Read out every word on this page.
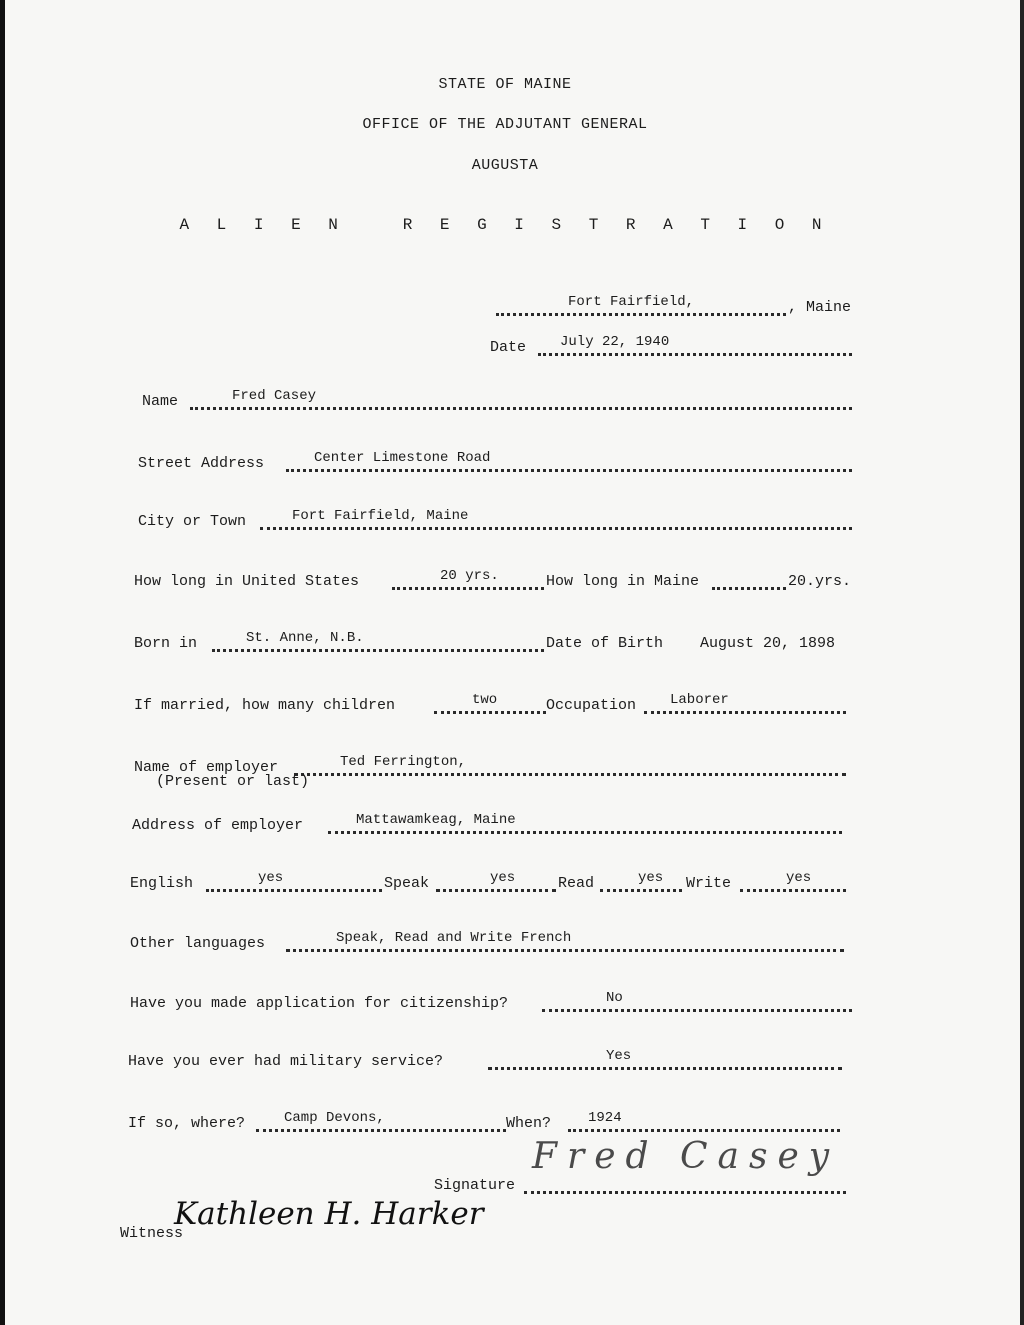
STATE OF MAINE
OFFICE OF THE ADJUTANT GENERAL
AUGUSTA
A L I E N   R E G I S T R A T I O N
Fort Fairfield,	, Maine
Date July 22, 1940
Name	Fred Casey
Street Address	Center Limestone Road
City or Town	Fort Fairfield, Maine
How long in United States	20 yrs.	How long in Maine	20.yrs.
Born in	St. Anne, N.B.	Date of Birth August 20, 1898
If married, how many children	two	Occupation Laborer
Name of employer	Ted Ferrington,
(Present or last)
Address of employer	Mattawamkeag, Maine
English	yes	Speak	yes	Read	yes Write	yes
Other languages	Speak, Read and Write French
Have you made application for citizenship?	No
Have you ever had military service?	Yes
If so, where?	Camp Devons,	When?	1924
Signature
Fred Casey
Witness
Kathleen H. Harker
